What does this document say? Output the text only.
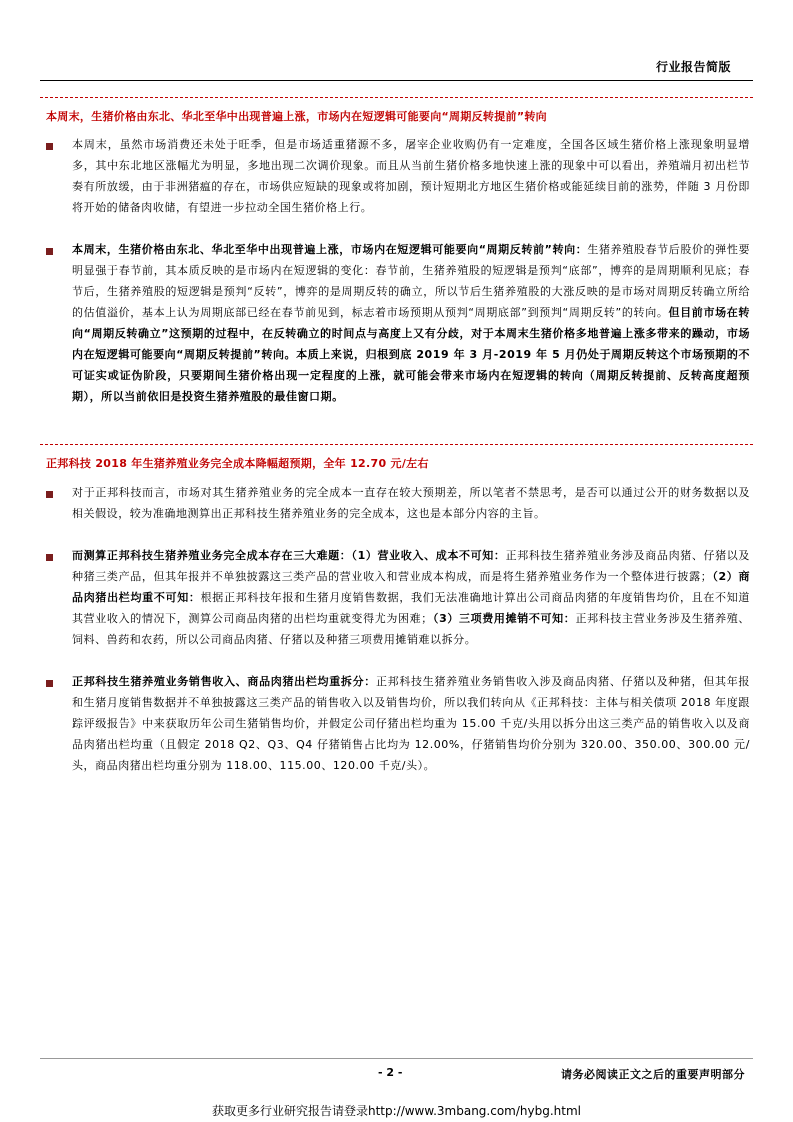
行业报告简版
本周末，生猪价格由东北、华北至华中出现普遍上涨，市场内在短逻辑可能要向“周期反转提前”转向
本周末，虽然市场消费还未处于旺季，但是市场适重猪源不多，屠宰企业收购仍有一定难度，全国各区域生猪价格上涨现象明显增多，其中东北地区涨幅尤为明显，多地出现二次调价现象。而且从当前生猪价格多地快速上涨的现象中可以看出，养殖端月初出栏节奏有所放缓，由于非洲猪瘟的存在，市场供应短缺的现象或将加剧，预计短期北方地区生猪价格或能延续目前的涨势，伴随 3 月份即将开始的储备肉收储，有望进一步拉动全国生猪价格上行。
本周末，生猪价格由东北、华北至华中出现普遍上涨，市场内在短逻辑可能要向“周期反转前”转向：生猪养殖股春节后股价的弹性要明显强于春节前，其本质反映的是市场内在短逻辑的变化：春节前，生猪养殖股的短逻辑是预判“底部”，博弈的是周期顺利见底；春节后，生猪养殖股的短逻辑是预判“反转”，博弈的是周期反转的确立，所以节后生猪养殖股的大涨反映的是市场对周期反转确立所给的估值溢价，基本上认为周期底部已经在春节前见到，标志着市场预期从预判“周期底部”到预判“周期反转”的转向。但目前市场在转向“周期反转确立”这预期的过程中，在反转确立的时间点与高度上又有分歧，对于本周末生猪价格多地普遍上涨多带来的躁动，市场内在短逻辑可能要向“周期反转提前”转向。本质上来说，归根到底 2019 年 3 月-2019 年 5 月仍处于周期反转这个市场预期的不可证实或证伪阶段，只要期间生猪价格出现一定程度的上涨，就可能会带来市场内在短逻辑的转向（周期反转提前、反转高度超预期），所以当前依旧是投资生猪养殖股的最佳窗口期。
正邦科技 2018 年生猪养殖业务完全成本降幅超预期，全年 12.70 元/左右
对于正邦科技而言，市场对其生猪养殖业务的完全成本一直存在较大预期差，所以笔者不禁思考，是否可以通过公开的财务数据以及相关假设，较为准确地测算出正邦科技生猪养殖业务的完全成本，这也是本部分内容的主旨。
而测算正邦科技生猪养殖业务完全成本存在三大难题：（1）营业收入、成本不可知：正邦科技生猪养殖业务涉及商品肉猪、仔猪以及种猪三类产品，但其年报并不单独披露这三类产品的营业收入和营业成本构成，而是将生猪养殖业务作为一个整体进行披露；（2）商品肉猪出栏均重不可知：根据正邦科技年报和生猪月度销售数据，我们无法准确地计算出公司商品肉猪的年度销售均价，且在不知道其营业收入的情况下，测算公司商品肉猪的出栏均重就变得尤为困难；（3）三项费用摊销不可知：正邦科技主营业务涉及生猪养殖、饲料、兽药和农药，所以公司商品肉猪、仔猪以及种猪三项费用摊销难以拆分。
正邦科技生猪养殖业务销售收入、商品肉猪出栏均重拆分：正邦科技生猪养殖业务销售收入涉及商品肉猪、仔猪以及种猪，但其年报和生猪月度销售数据并不单独披露这三类产品的销售收入以及销售均价，所以我们转向从《正邦科技：主体与相关债项 2018 年度跟踪评级报告》中来获取历年公司生猪销售均价，并假定公司仔猪出栏均重为 15.00 千克/头用以拆分出这三类产品的销售收入以及商品肉猪出栏均重（且假定 2018 Q2、Q3、Q4 仔猪销售占比均为 12.00%，仔猪销售均价分别为 320.00、350.00、300.00 元/头，商品肉猪出栏均重分别为 118.00、115.00、120.00 千克/头）。
- 2 -	请务必阅读正文之后的重要声明部分
获取更多行业研究报告请登录http://www.3mbang.com/hybg.html
